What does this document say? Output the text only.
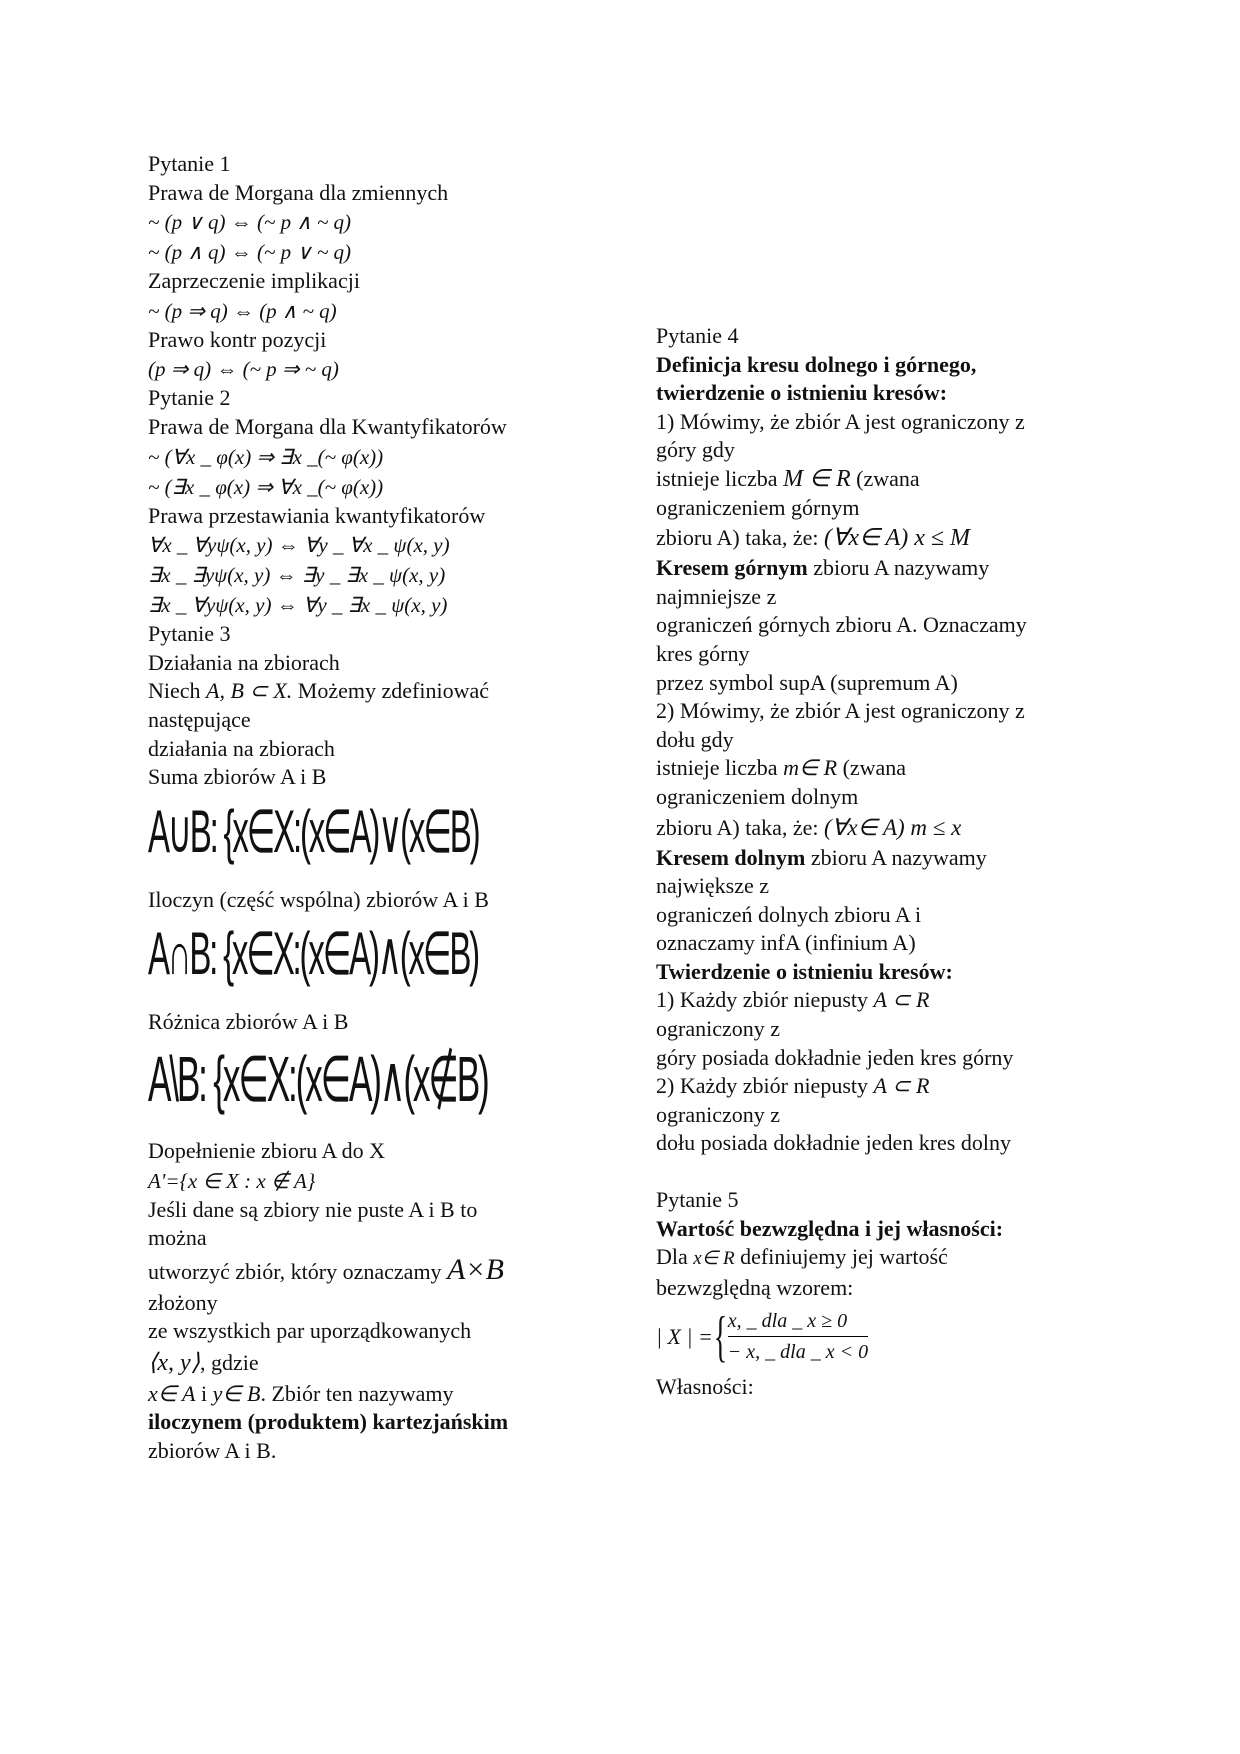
Pytanie 1
Prawa de Morgana dla zmiennych
~ (p ∨ q) ⇔ (~ p ∧ ~ q)
~ (p ∧ q) ⇔ (~ p ∨ ~ q)
Zaprzeczenie implikacji
~ (p ⇒ q) ⇔ (p ∧ ~ q)
Prawo kontr pozycji
(p ⇒ q) ⇔ (~ p ⇒ ~ q)
Pytanie 2
Prawa de Morgana dla Kwantyfikatorów
~ (∀x _ φ(x) ⇒ ∃x _(~ φ(x))
~ (∃x _ φ(x) ⇒ ∀x _(~ φ(x))
Prawa przestawiania kwantyfikatorów
∀x _ ∀yψ(x, y) ⇔ ∀y _ ∀x _ ψ(x, y)
∃x _ ∃yψ(x, y) ⇔ ∃y _ ∃x _ ψ(x, y)
∃x _ ∀yψ(x, y) ⇔ ∀y _ ∃x _ ψ(x, y)
Pytanie 3
Działania na zbiorach
Niech A, B ⊂ X. Możemy zdefiniować
następujące
działania na zbiorach
Suma zbiorów A i B
A∪B: {x∈X:(x∈A)∨(x∈B)
Iloczyn (część wspólna) zbiorów A i B
A∩B: {x∈X:(x∈A)∧(x∈B)
Różnica zbiorów A i B
A\B: {x∈X:(x∈A)∧(x∉B)
Dopełnienie zbioru A do X
A'={x ∈ X : x ∉ A}
Jeśli dane są zbiory nie puste A i B to
można
utworzyć zbiór, który oznaczamy A×B
złożony
ze wszystkich par uporządkowanych
⟨x, y⟩, gdzie
x∈ A i y∈ B. Zbiór ten nazywamy
iloczynem (produktem) kartezjańskim
zbiorów A i B.
Pytanie 4
Definicja kresu dolnego i górnego,
twierdzenie o istnieniu kresów:
1) Mówimy, że zbiór A jest ograniczony z
góry gdy
istnieje liczba M ∈ R (zwana
ograniczeniem górnym
zbioru A) taka, że: (∀x∈ A) x ≤ M
Kresem górnym zbioru A nazywamy
najmniejsze z
ograniczeń górnych zbioru A. Oznaczamy
kres górny
przez symbol supA (supremum A)
2) Mówimy, że zbiór A jest ograniczony z
dołu gdy
istnieje liczba m∈ R (zwana
ograniczeniem dolnym
zbioru A) taka, że: (∀x∈ A) m ≤ x
Kresem dolnym zbioru A nazywamy
największe z
ograniczeń dolnych zbioru A i
oznaczamy infA (infinium A)
Twierdzenie o istnieniu kresów:
1) Każdy zbiór niepusty A ⊂ R
ograniczony z
góry posiada dokładnie jeden kres górny
2) Każdy zbiór niepusty A ⊂ R
ograniczony z
dołu posiada dokładnie jeden kres dolny
Pytanie 5
Wartość bezwzględna i jej własności:
Dla x∈ R definiujemy jej wartość
bezwzględną wzorem:
| X | = { x, _ dla _ x ≥ 0
− x, _ dla _ x < 0
Własności:
